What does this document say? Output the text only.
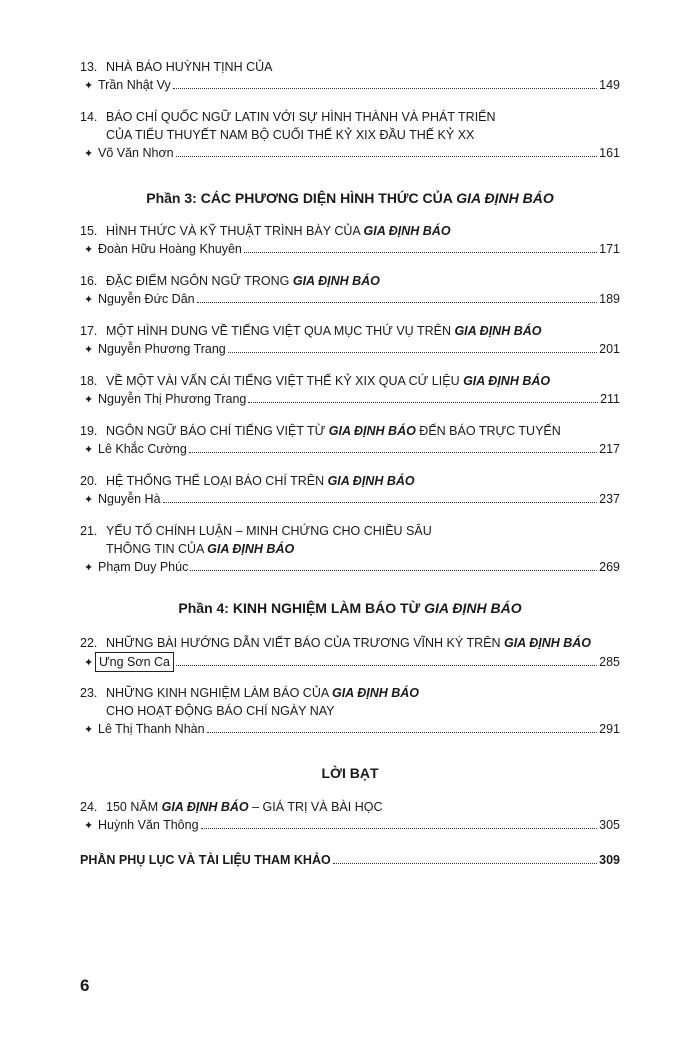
13. NHÀ BÁO HUỲNH TỊNH CỦA
✦ Trần Nhật Vy	149
14. BÁO CHÍ QUỐC NGỮ LATIN VỚI SỰ HÌNH THÀNH VÀ PHÁT TRIỂN
CỦA TIỂU THUYẾT NAM BỘ CUỐI THẾ KỶ XIX ĐẦU THẾ KỶ XX
✦ Võ Văn Nhơn	161
Phần 3: CÁC PHƯƠNG DIỆN HÌNH THỨC CỦA GIA ĐỊNH BÁO
15. HÌNH THỨC VÀ KỸ THUẬT TRÌNH BÀY CỦA GIA ĐỊNH BÁO
✦ Đoàn Hữu Hoàng Khuyên	171
16. ĐẶC ĐIỂM NGÔN NGỮ TRONG GIA ĐỊNH BÁO
✦ Nguyễn Đức Dân	189
17. MỘT HÌNH DUNG VỀ TIẾNG VIỆT QUA MỤC THỨ VỤ TRÊN GIA ĐỊNH BÁO
✦ Nguyễn Phương Trang	201
18. VỀ MỘT VÀI VẤN CÁI TIẾNG VIỆT THẾ KỶ XIX QUA CỨ LIỆU GIA ĐỊNH BÁO
✦ Nguyễn Thị Phương Trang	211
19. NGÔN NGỮ BÁO CHÍ TIẾNG VIỆT TỪ GIA ĐỊNH BÁO ĐẾN BÁO TRỰC TUYẾN
✦ Lê Khắc Cường	217
20. HỆ THỐNG THỂ LOẠI BÁO CHÍ TRÊN GIA ĐỊNH BÁO
✦ Nguyễn Hà	237
21. YẾU TỐ CHÍNH LUẬN – MINH CHỨNG CHO CHIỀU SÂU
THÔNG TIN CỦA GIA ĐỊNH BÁO
✦ Phạm Duy Phúc	269
Phần 4: KINH NGHIỆM LÀM BÁO TỪ GIA ĐỊNH BÁO
22. NHỮNG BÀI HƯỚNG DẪN VIẾT BÁO CỦA TRƯƠNG VĨNH KÝ TRÊN GIA ĐỊNH BÁO
✦ Ưng Sơn Ca	285
23. NHỮNG KINH NGHIỆM LÀM BÁO CỦA GIA ĐỊNH BÁO
CHO HOẠT ĐỘNG BÁO CHÍ NGÀY NAY
✦ Lê Thị Thanh Nhàn	291
LỜI BẠT
24. 150 NĂM GIA ĐỊNH BÁO – GIÁ TRỊ VÀ BÀI HỌC
✦ Huỳnh Văn Thông	305
PHẦN PHỤ LỤC VÀ TÀI LIỆU THAM KHẢO	309
6
